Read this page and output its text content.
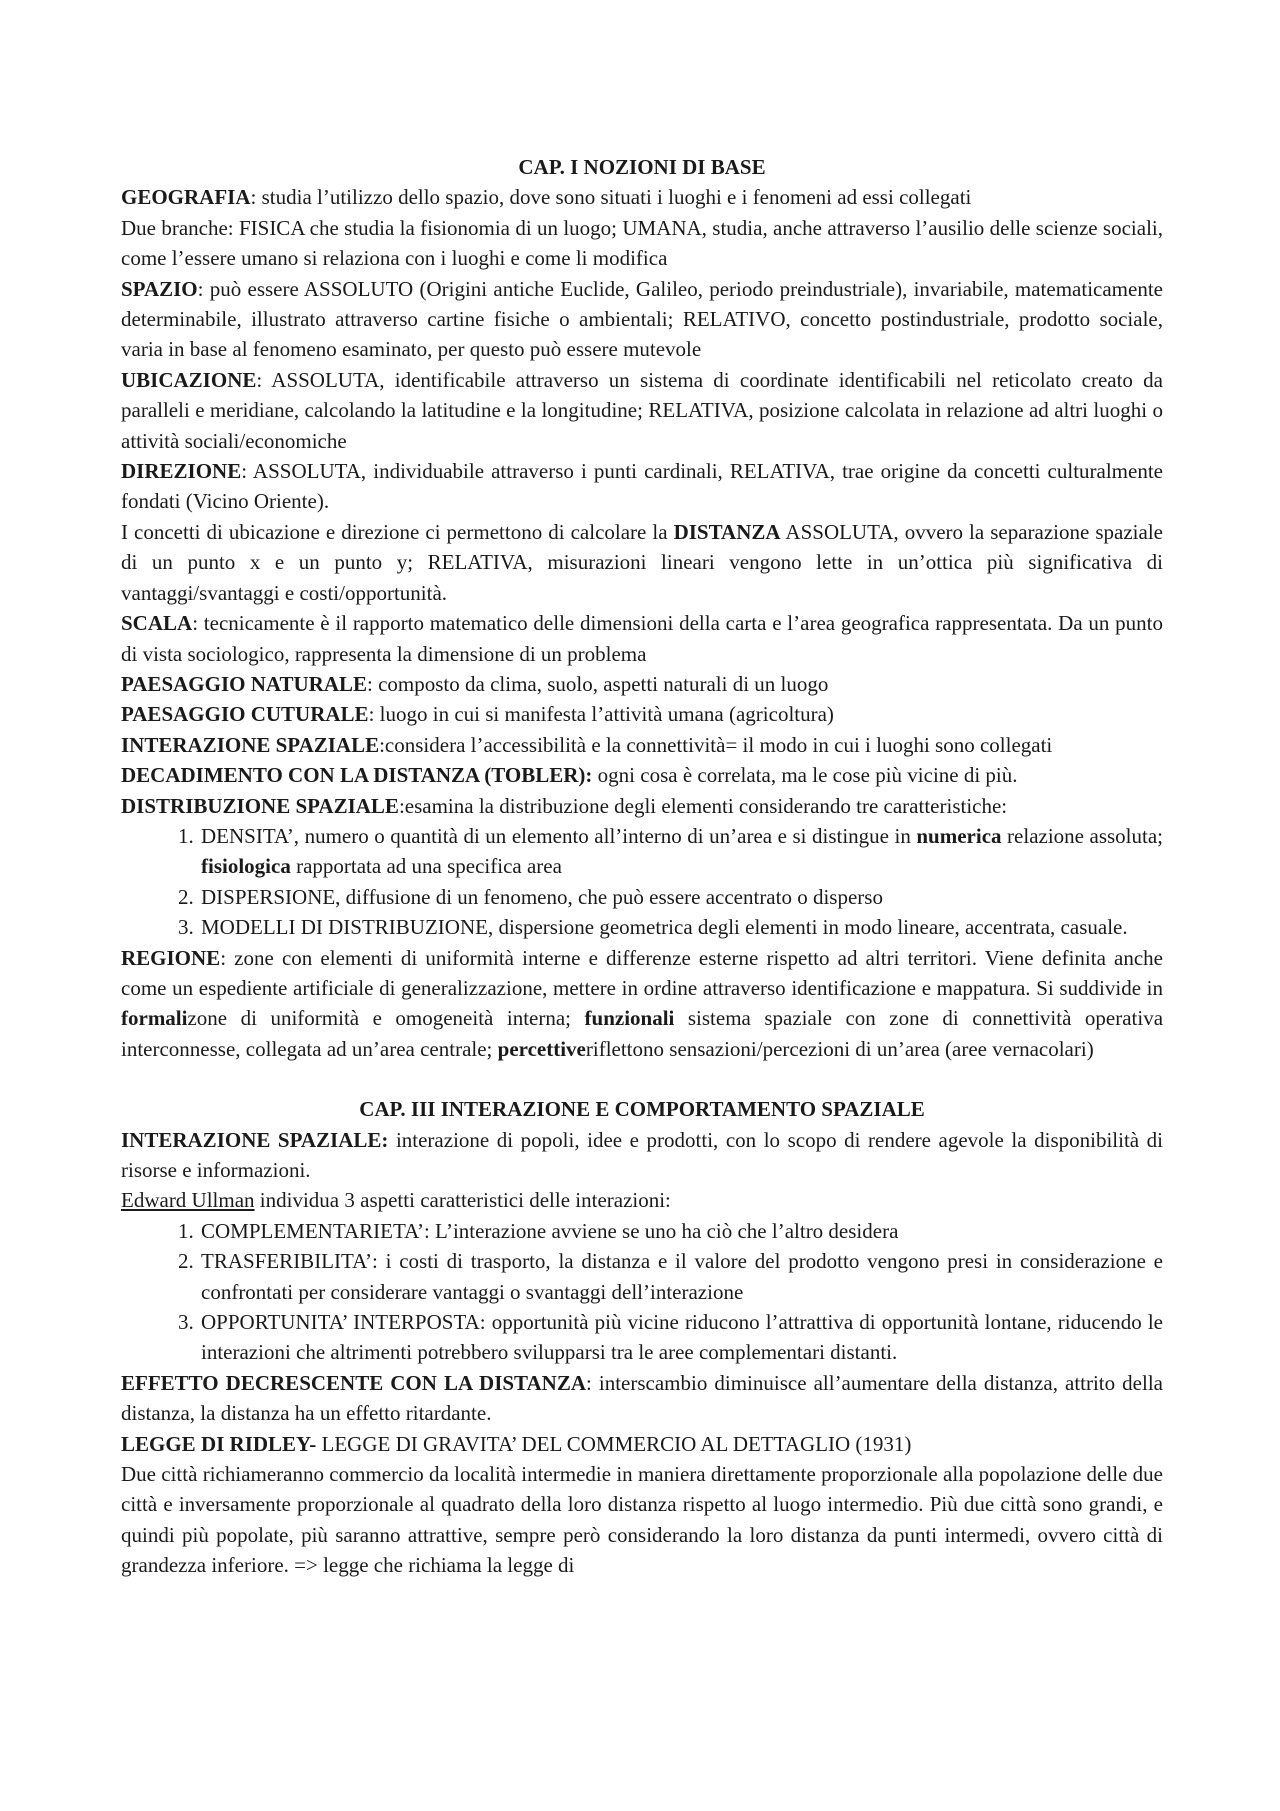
CAP. I NOZIONI DI BASE

GEOGRAFIA: studia l’utilizzo dello spazio, dove sono situati i luoghi e i fenomeni ad essi collegati

Due branche: FISICA che studia la fisionomia di un luogo; UMANA, studia, anche attraverso l’ausilio delle scienze sociali, come l’essere umano si relaziona con i luoghi e come li modifica

SPAZIO: può essere ASSOLUTO (Origini antiche Euclide, Galileo, periodo preindustriale), invariabile, matematicamente determinabile, illustrato attraverso cartine fisiche o ambientali; RELATIVO, concetto postindustriale, prodotto sociale, varia in base al fenomeno esaminato, per questo può essere mutevole

UBICAZIONE: ASSOLUTA, identificabile attraverso un sistema di coordinate identificabili nel reticolato creato da paralleli e meridiane, calcolando la latitudine e la longitudine; RELATIVA, posizione calcolata in relazione ad altri luoghi o attività sociali/economiche

DIREZIONE: ASSOLUTA, individuabile attraverso i punti cardinali, RELATIVA, trae origine da concetti culturalmente fondati (Vicino Oriente).

I concetti di ubicazione e direzione ci permettono di calcolare la DISTANZA ASSOLUTA, ovvero la separazione spaziale di un punto x e un punto y; RELATIVA, misurazioni lineari vengono lette in un’ottica più significativa di vantaggi/svantaggi e costi/opportunità.

SCALA: tecnicamente è il rapporto matematico delle dimensioni della carta e l’area geografica rappresentata. Da un punto di vista sociologico, rappresenta la dimensione di un problema

PAESAGGIO NATURALE: composto da clima, suolo, aspetti naturali di un luogo

PAESAGGIO CUTURALE: luogo in cui si manifesta l’attività umana (agricoltura)

INTERAZIONE SPAZIALE:considera l’accessibilità e la connettività= il modo in cui i luoghi sono collegati

DECADIMENTO CON LA DISTANZA (TOBLER): ogni cosa è correlata, ma le cose più vicine di più.

DISTRIBUZIONE SPAZIALE:esamina la distribuzione degli elementi considerando tre caratteristiche:

1. DENSITA’, numero o quantità di un elemento all’interno di un’area e si distingue in numerica relazione assoluta; fisiologica rapportata ad una specifica area
2. DISPERSIONE, diffusione di un fenomeno, che può essere accentrato o disperso
3. MODELLI DI DISTRIBUZIONE, dispersione geometrica degli elementi in modo lineare, accentrata, casuale.

REGIONE: zone con elementi di uniformità interne e differenze esterne rispetto ad altri territori. Viene definita anche come un espediente artificiale di generalizzazione, mettere in ordine attraverso identificazione e mappatura. Si suddivide in formalizone di uniformità e omogeneità interna; funzionali sistema spaziale con zone di connettività operativa interconnesse, collegata ad un’area centrale; percettiveriflettono sensazioni/percezioni di un’area (aree vernacolari)

CAP. III INTERAZIONE E COMPORTAMENTO SPAZIALE

INTERAZIONE SPAZIALE: interazione di popoli, idee e prodotti, con lo scopo di rendere agevole la disponibilità di risorse e informazioni.

Edward Ullman individua 3 aspetti caratteristici delle interazioni:

1. COMPLEMENTARIETA’: L’interazione avviene se uno ha ciò che l’altro desidera
2. TRASFERIBILITA’: i costi di trasporto, la distanza e il valore del prodotto vengono presi in considerazione e confrontati per considerare vantaggi o svantaggi dell’interazione
3. OPPORTUNITA’ INTERPOSTA: opportunità più vicine riducono l’attrattiva di opportunità lontane, riducendo le interazioni che altrimenti potrebbero svilupparsi tra le aree complementari distanti.

EFFETTO DECRESCENTE CON LA DISTANZA: interscambio diminuisce all’aumentare della distanza, attrito della distanza, la distanza ha un effetto ritardante.

LEGGE DI RIDLEY- LEGGE DI GRAVITA’ DEL COMMERCIO AL DETTAGLIO (1931)

Due città richiameranno commercio da località intermedie in maniera direttamente proporzionale alla popolazione delle due città e inversamente proporzionale al quadrato della loro distanza rispetto al luogo intermedio. Più due città sono grandi, e quindi più popolate, più saranno attrattive, sempre però considerando la loro distanza da punti intermedi, ovvero città di grandezza inferiore. => legge che richiama la legge di
